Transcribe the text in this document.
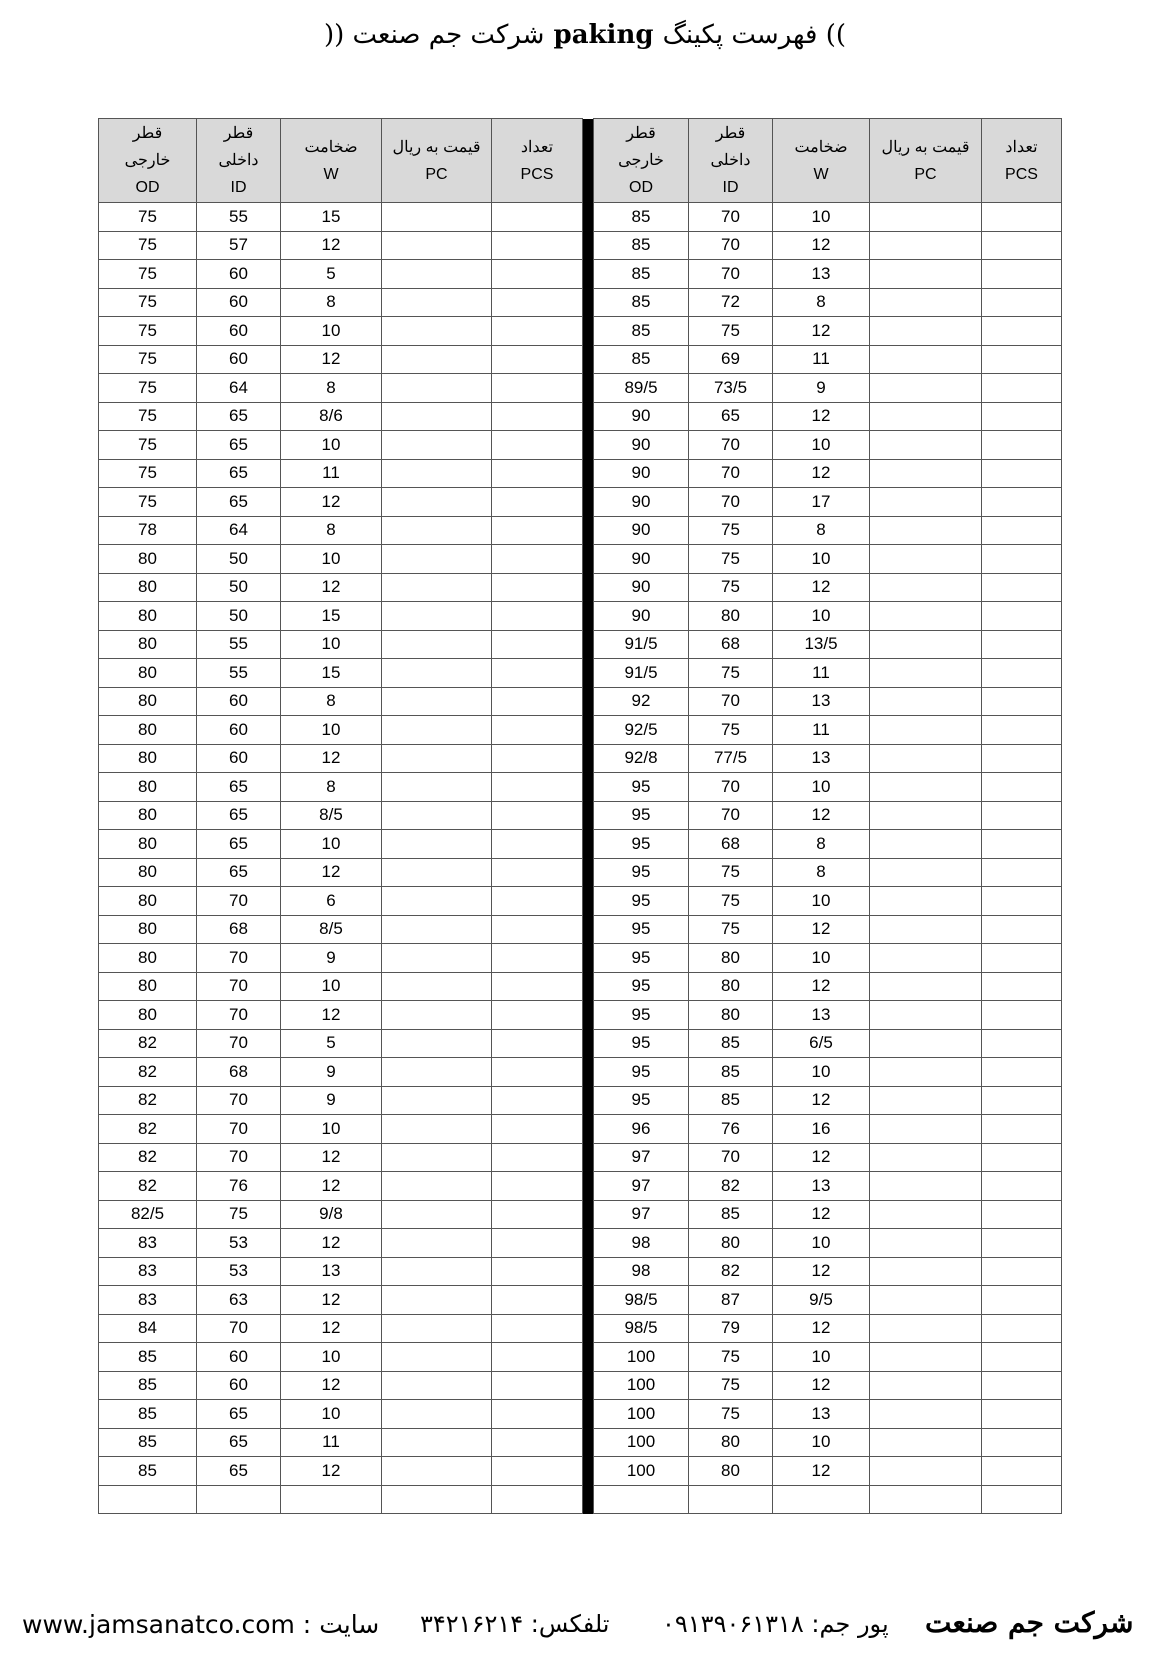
)) شرکت جم صنعت paking فهرست پکینگ ((
قطر
خارجی
OD	قطر
داخلی
ID	ضخامت
W	قیمت به ریال
PC	تعداد
PCS		قطر
خارجی
OD	قطر
داخلی
ID	ضخامت
W	قیمت به ریال
PC	تعداد
PCS
75	55	15				85	70	10		
75	57	12				85	70	12		
75	60	5				85	70	13		
75	60	8				85	72	8		
75	60	10				85	75	12		
75	60	12				85	69	11		
75	64	8				89/5	73/5	9		
75	65	8/6				90	65	12		
75	65	10				90	70	10		
75	65	11				90	70	12		
75	65	12				90	70	17		
78	64	8				90	75	8		
80	50	10				90	75	10		
80	50	12				90	75	12		
80	50	15				90	80	10		
80	55	10				91/5	68	13/5		
80	55	15				91/5	75	11		
80	60	8				92	70	13		
80	60	10				92/5	75	11		
80	60	12				92/8	77/5	13		
80	65	8				95	70	10		
80	65	8/5				95	70	12		
80	65	10				95	68	8		
80	65	12				95	75	8		
80	70	6				95	75	10		
80	68	8/5				95	75	12		
80	70	9				95	80	10		
80	70	10				95	80	12		
80	70	12				95	80	13		
82	70	5				95	85	6/5		
82	68	9				95	85	10		
82	70	9				95	85	12		
82	70	10				96	76	16		
82	70	12				97	70	12		
82	76	12				97	82	13		
82/5	75	9/8				97	85	12		
83	53	12				98	80	10		
83	53	13				98	82	12		
83	63	12				98/5	87	9/5		
84	70	12				98/5	79	12		
85	60	10				100	75	10		
85	60	12				100	75	12		
85	65	10				100	75	13		
85	65	11				100	80	10		
85	65	12				100	80	12		

www.jamsanatco.com : سایت تلفکس: ۳۴۲۱۶۲۱۴ پور جم: ۰۹۱۳۹۰۶۱۳۱۸ شرکت جم صنعت
